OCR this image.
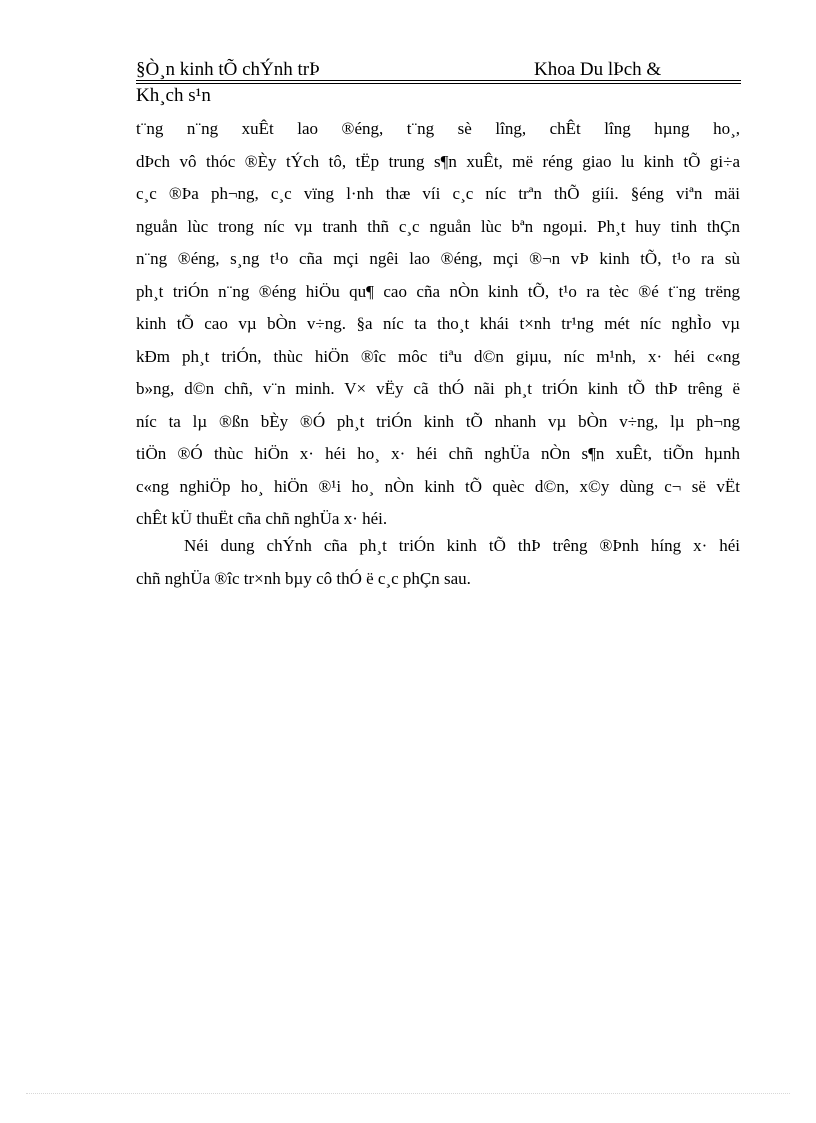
§Ò¸n kinh tÕ chÝnh trÞ	Khoa Du lÞch &
Kh¸ch s¹n
t¨ng n¨ng xuÊt lao ®éng, t¨ng sè lîng, chÊt lîng hµng ho¸,
dÞch vô thóc ®Èy tÝch tô, tËp trung s¶n xuÊt, më réng giao lu kinh tÕ gi÷a
c¸c ®Þa ph¬ng, c¸c vïng l·nh thæ víi c¸c níc trªn thÕ giíi. §éng viªn mäi
nguån lùc trong níc vµ tranh thñ c¸c nguån lùc bªn ngoµi. Ph¸t huy tinh thÇn
n¨ng ®éng, s¸ng t¹o cña mçi ngêi lao ®éng, mçi ®¬n vÞ kinh tÕ, t¹o ra sù
ph¸t triÓn n¨ng ®éng hiÖu qu¶ cao cña nÒn kinh tÕ, t¹o ra tèc ®é t¨ng trëng
kinh tÕ cao vµ bÒn v÷ng. §a níc ta tho¸t khái t×nh tr¹ng mét níc nghÌo vµ
kÐm ph¸t triÓn, thùc hiÖn ®îc môc tiªu d©n giµu, níc m¹nh, x· héi c«ng
b»ng, d©n chñ, v¨n minh. V× vËy cã thÓ nãi ph¸t triÓn kinh tÕ thÞ trêng ë
níc ta lµ ®ßn bÈy ®Ó ph¸t triÓn kinh tÕ nhanh vµ bÒn v÷ng, lµ ph¬ng
tiÖn ®Ó thùc hiÖn x· héi ho¸ x· héi chñ nghÜa nÒn s¶n xuÊt, tiÕn hµnh
c«ng nghiÖp ho¸ hiÖn ®¹i ho¸ nÒn kinh tÕ quèc d©n, x©y dùng c¬ së vËt
chÊt kÜ thuËt cña chñ nghÜa x· héi.
Néi dung chÝnh cña ph¸t triÓn kinh tÕ thÞ trêng ®Þnh híng x· héi
chñ nghÜa ®îc tr×nh bµy cô thÓ ë c¸c phÇn sau.
